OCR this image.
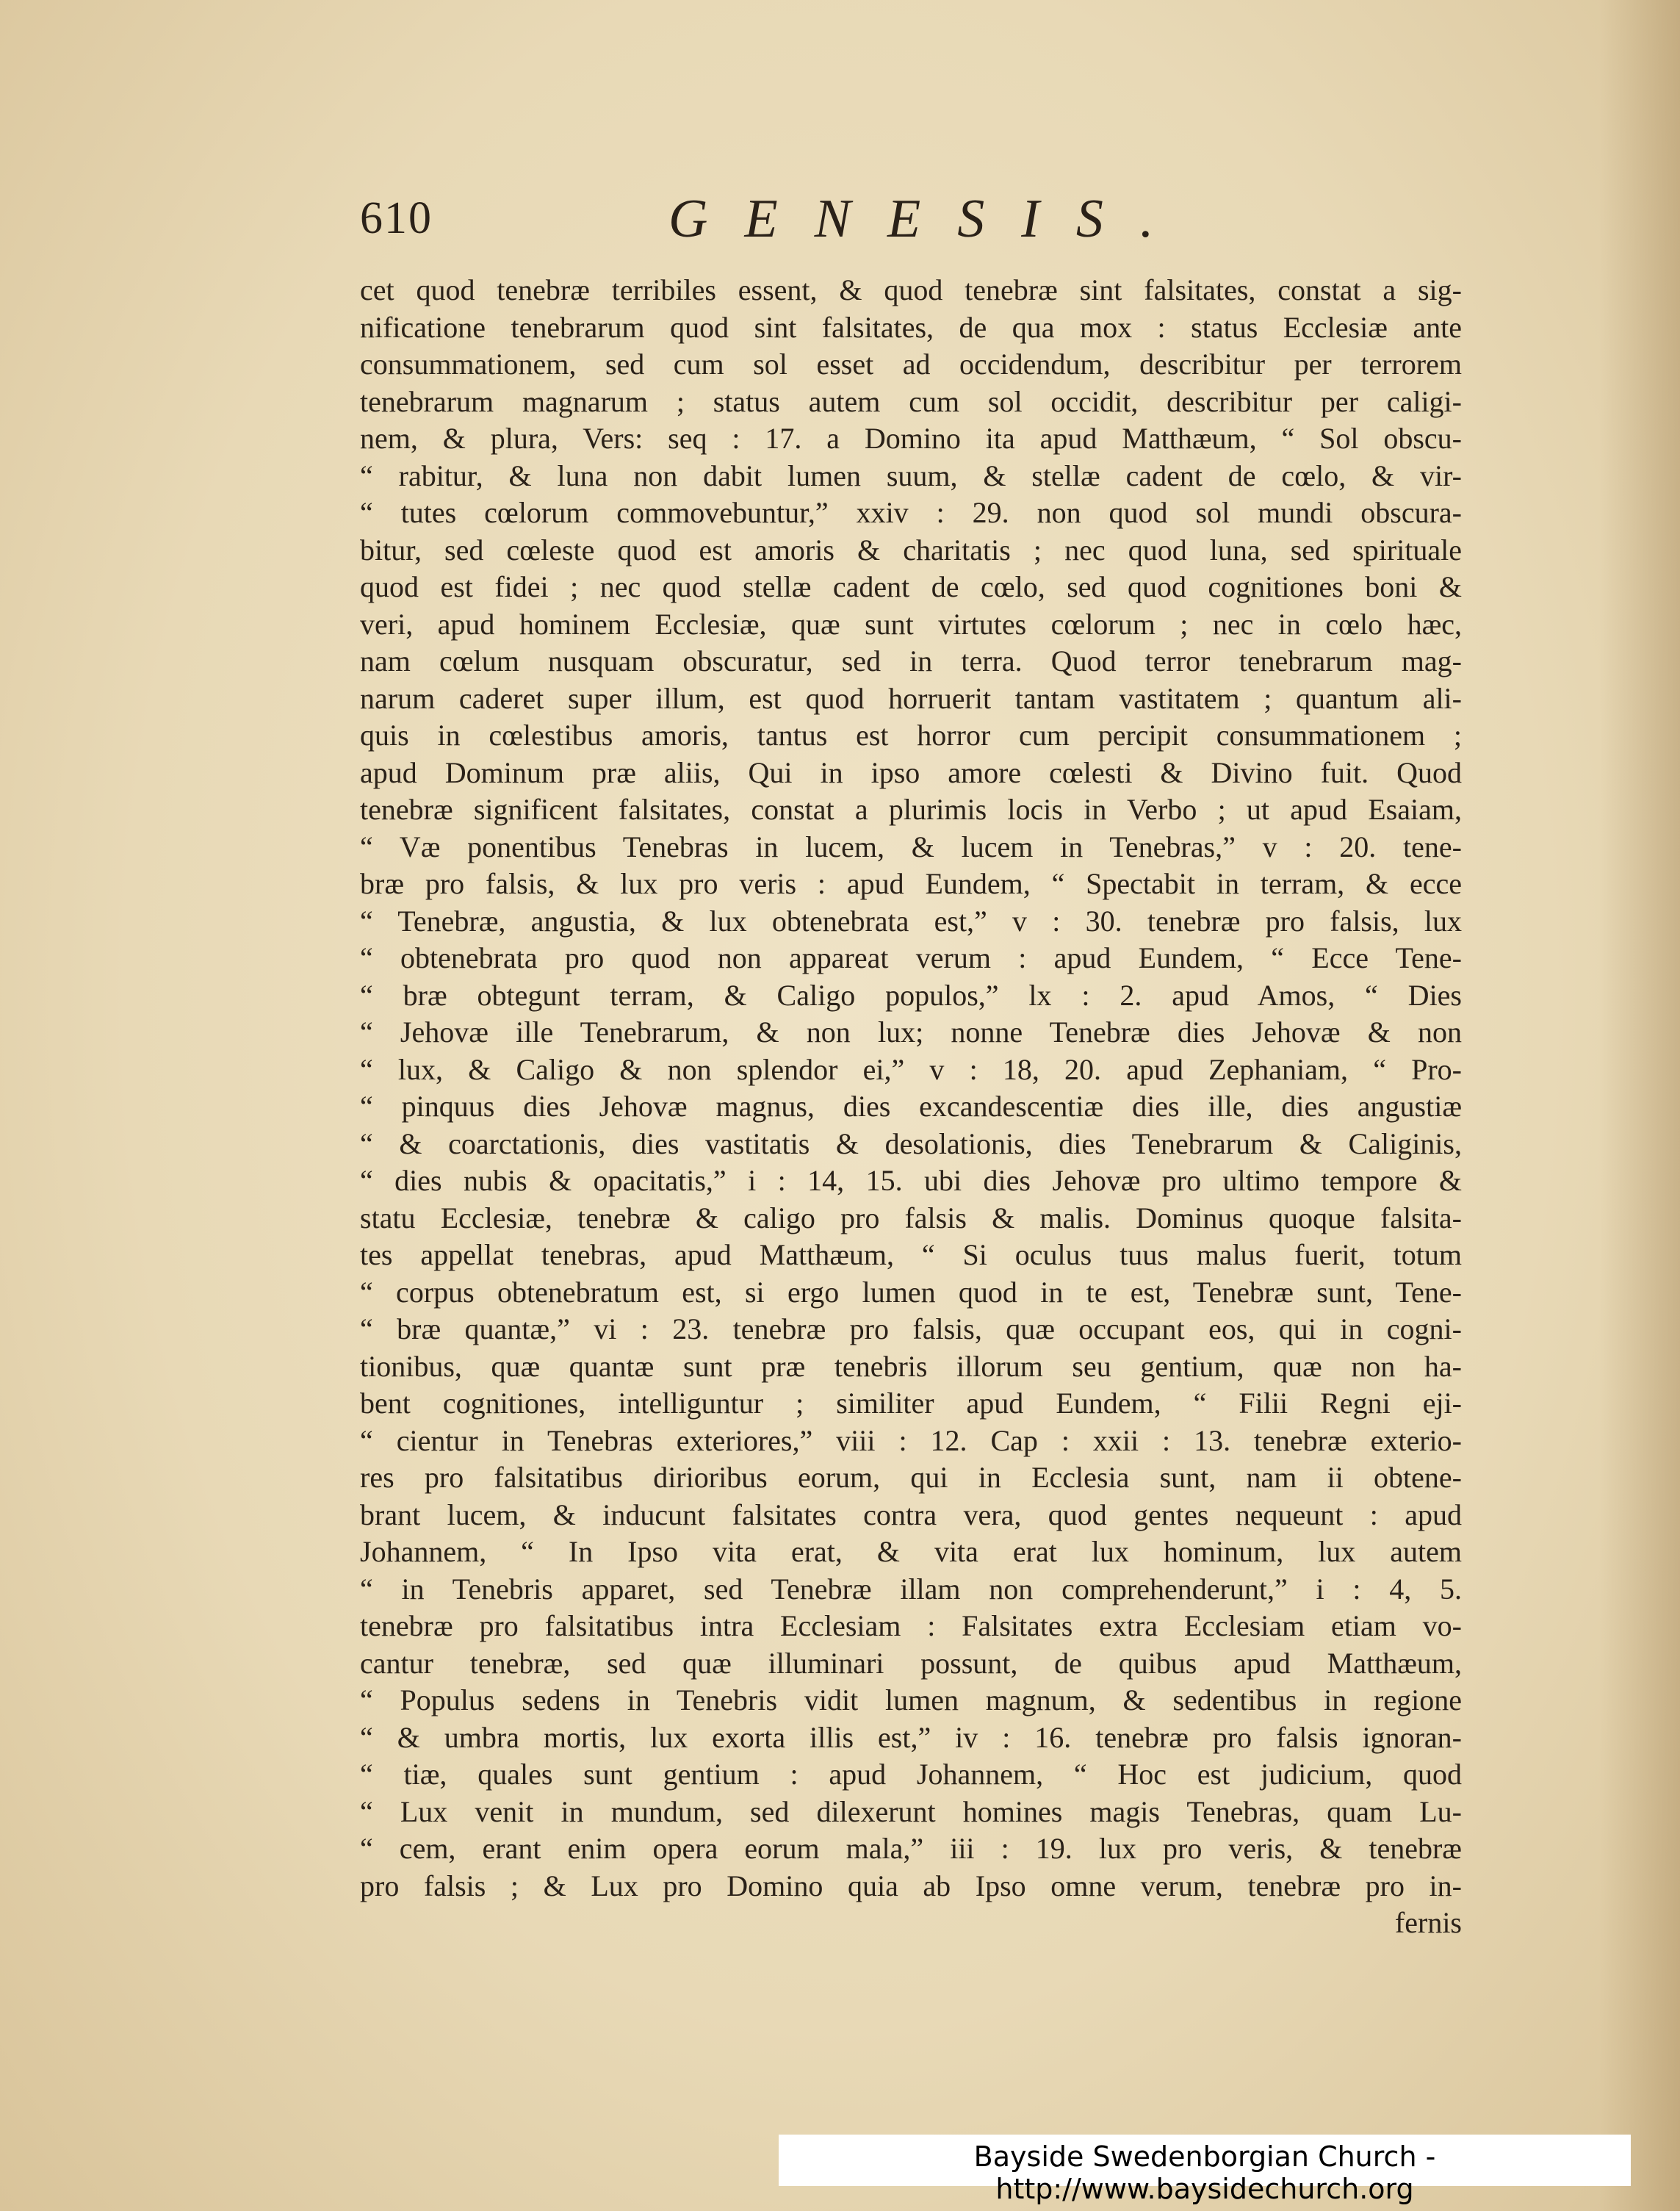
610	GENESIS.
cet quod tenebræ terribiles essent, & quod tenebræ sint falsitates, constat a sig-
nificatione tenebrarum quod sint falsitates, de qua mox : status Ecclesiæ ante
consummationem, sed cum sol esset ad occidendum, describitur per terrorem
tenebrarum magnarum ; status autem cum sol occidit, describitur per caligi-
nem, & plura, Vers: seq : 17. a Domino ita apud Matthæum, “ Sol obscu-
“ rabitur, & luna non dabit lumen suum, & stellæ cadent de cœlo, & vir-
“ tutes cœlorum commovebuntur,” xxiv : 29. non quod sol mundi obscura-
bitur, sed cœleste quod est amoris & charitatis ; nec quod luna, sed spirituale
quod est fidei ; nec quod stellæ cadent de cœlo, sed quod cognitiones boni &
veri, apud hominem Ecclesiæ, quæ sunt virtutes cœlorum ; nec in cœlo hæc,
nam cœlum nusquam obscuratur, sed in terra. Quod terror tenebrarum mag-
narum caderet super illum, est quod horruerit tantam vastitatem ; quantum ali-
quis in cœlestibus amoris, tantus est horror cum percipit consummationem ;
apud Dominum præ aliis, Qui in ipso amore cœlesti & Divino fuit. Quod
tenebræ significent falsitates, constat a plurimis locis in Verbo ; ut apud Esaiam,
“ Væ ponentibus Tenebras in lucem, & lucem in Tenebras,” v : 20. tene-
bræ pro falsis, & lux pro veris : apud Eundem, “ Spectabit in terram, & ecce
“ Tenebræ, angustia, & lux obtenebrata est,” v : 30. tenebræ pro falsis, lux
“ obtenebrata pro quod non appareat verum : apud Eundem, “ Ecce Tene-
“ bræ obtegunt terram, & Caligo populos,” lx : 2. apud Amos, “ Dies
“ Jehovæ ille Tenebrarum, & non lux; nonne Tenebræ dies Jehovæ & non
“ lux, & Caligo & non splendor ei,” v : 18, 20. apud Zephaniam, “ Pro-
“ pinquus dies Jehovæ magnus, dies excandescentiæ dies ille, dies angustiæ
“ & coarctationis, dies vastitatis & desolationis, dies Tenebrarum & Caliginis,
“ dies nubis & opacitatis,” i : 14, 15. ubi dies Jehovæ pro ultimo tempore &
statu Ecclesiæ, tenebræ & caligo pro falsis & malis. Dominus quoque falsita-
tes appellat tenebras, apud Matthæum, “ Si oculus tuus malus fuerit, totum
“ corpus obtenebratum est, si ergo lumen quod in te est, Tenebræ sunt, Tene-
“ bræ quantæ,” vi : 23. tenebræ pro falsis, quæ occupant eos, qui in cogni-
tionibus, quæ quantæ sunt præ tenebris illorum seu gentium, quæ non ha-
bent cognitiones, intelliguntur ; similiter apud Eundem, “ Filii Regni eji-
“ cientur in Tenebras exteriores,” viii : 12. Cap : xxii : 13. tenebræ exterio-
res pro falsitatibus dirioribus eorum, qui in Ecclesia sunt, nam ii obtene-
brant lucem, & inducunt falsitates contra vera, quod gentes nequeunt : apud
Johannem, “ In Ipso vita erat, & vita erat lux hominum, lux autem
“ in Tenebris apparet, sed Tenebræ illam non comprehenderunt,” i : 4, 5.
tenebræ pro falsitatibus intra Ecclesiam : Falsitates extra Ecclesiam etiam vo-
cantur tenebræ, sed quæ illuminari possunt, de quibus apud Matthæum,
“ Populus sedens in Tenebris vidit lumen magnum, & sedentibus in regione
“ & umbra mortis, lux exorta illis est,” iv : 16. tenebræ pro falsis ignoran-
“ tiæ, quales sunt gentium : apud Johannem, “ Hoc est judicium, quod
“ Lux venit in mundum, sed dilexerunt homines magis Tenebras, quam Lu-
“ cem, erant enim opera eorum mala,” iii : 19. lux pro veris, & tenebræ
pro falsis ; & Lux pro Domino quia ab Ipso omne verum, tenebræ pro in-
fernis
Bayside Swedenborgian Church - http://www.baysidechurch.org
